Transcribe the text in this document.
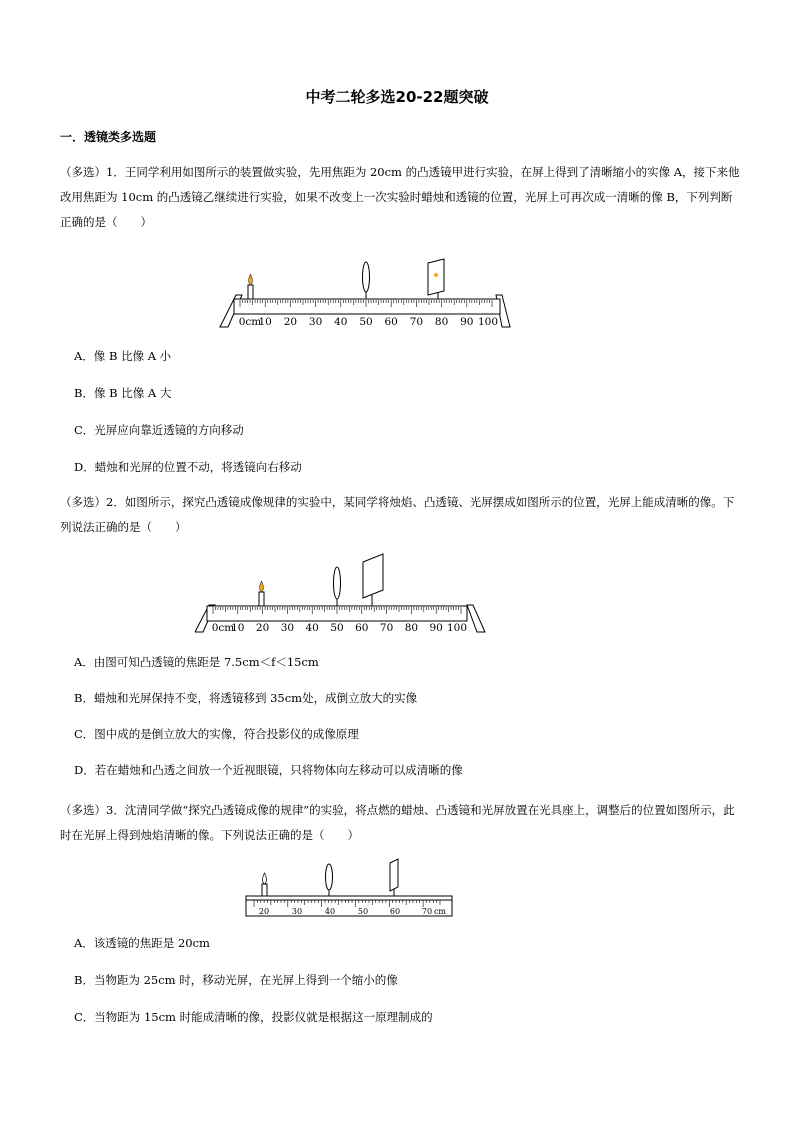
中考二轮多选20-22题突破
一．透镜类多选题
（多选）1．王同学利用如图所示的装置做实验，先用焦距为 20cm 的凸透镜甲进行实验，在屏上得到了清晰缩小的实像 A，接下来他改用焦距为 10cm 的凸透镜乙继续进行实验，如果不改变上一次实验时蜡烛和透镜的位置，光屏上可再次成一清晰的像 B，下列判断正确的是（　　）
0cm
10 20 30 40 50 60 70 80 90 100
A．像 B 比像 A 小
B．像 B 比像 A 大
C．光屏应向靠近透镜的方向移动
D．蜡烛和光屏的位置不动，将透镜向右移动
（多选）2．如图所示，探究凸透镜成像规律的实验中，某同学将烛焰、凸透镜、光屏摆成如图所示的位置，光屏上能成清晰的像。下列说法正确的是（　　）
0cm
10 20 30 40 50 60 70 80 90 100
A．由图可知凸透镜的焦距是 7.5cm＜f＜15cm
B．蜡烛和光屏保持不变，将透镜移到 35cm处，成倒立放大的实像
C．图中成的是倒立放大的实像，符合投影仪的成像原理
D．若在蜡烛和凸透之间放一个近视眼镜，只将物体向左移动可以成清晰的像
（多选）3．沈清同学做“探究凸透镜成像的规律”的实验，将点燃的蜡烛、凸透镜和光屏放置在光具座上，调整后的位置如图所示，此时在光屏上得到烛焰清晰的像。下列说法正确的是（　　）
20	30	40	50	60	70 cm
A．该透镜的焦距是 20cm
B．当物距为 25cm 时，移动光屏，在光屏上得到一个缩小的像
C．当物距为 15cm 时能成清晰的像，投影仪就是根据这一原理制成的
